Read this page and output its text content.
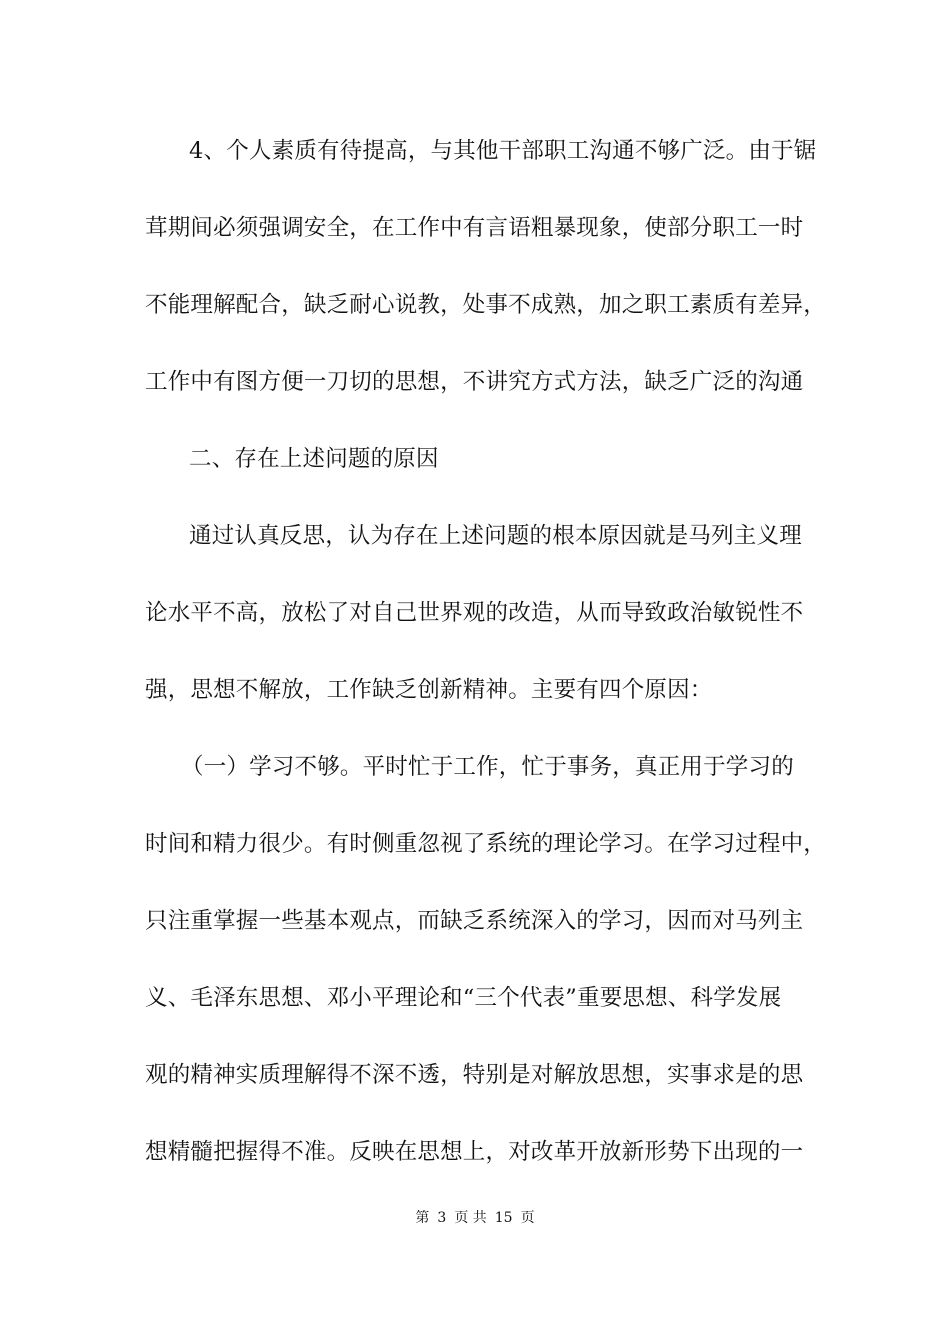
4、个人素质有待提高，与其他干部职工沟通不够广泛。由于锯
茸期间必须强调安全，在工作中有言语粗暴现象，使部分职工一时
不能理解配合，缺乏耐心说教，处事不成熟，加之职工素质有差异，
工作中有图方便一刀切的思想，不讲究方式方法，缺乏广泛的沟通
二、存在上述问题的原因
通过认真反思，认为存在上述问题的根本原因就是马列主义理
论水平不高，放松了对自己世界观的改造，从而导致政治敏锐性不
强，思想不解放，工作缺乏创新精神。主要有四个原因：
（一）学习不够。平时忙于工作，忙于事务，真正用于学习的
时间和精力很少。有时侧重忽视了系统的理论学习。在学习过程中，
只注重掌握一些基本观点，而缺乏系统深入的学习，因而对马列主
义、毛泽东思想、邓小平理论和“三个代表”重要思想、科学发展
观的精神实质理解得不深不透，特别是对解放思想，实事求是的思
想精髓把握得不准。反映在思想上，对改革开放新形势下出现的一
第 3 页 共 15 页
